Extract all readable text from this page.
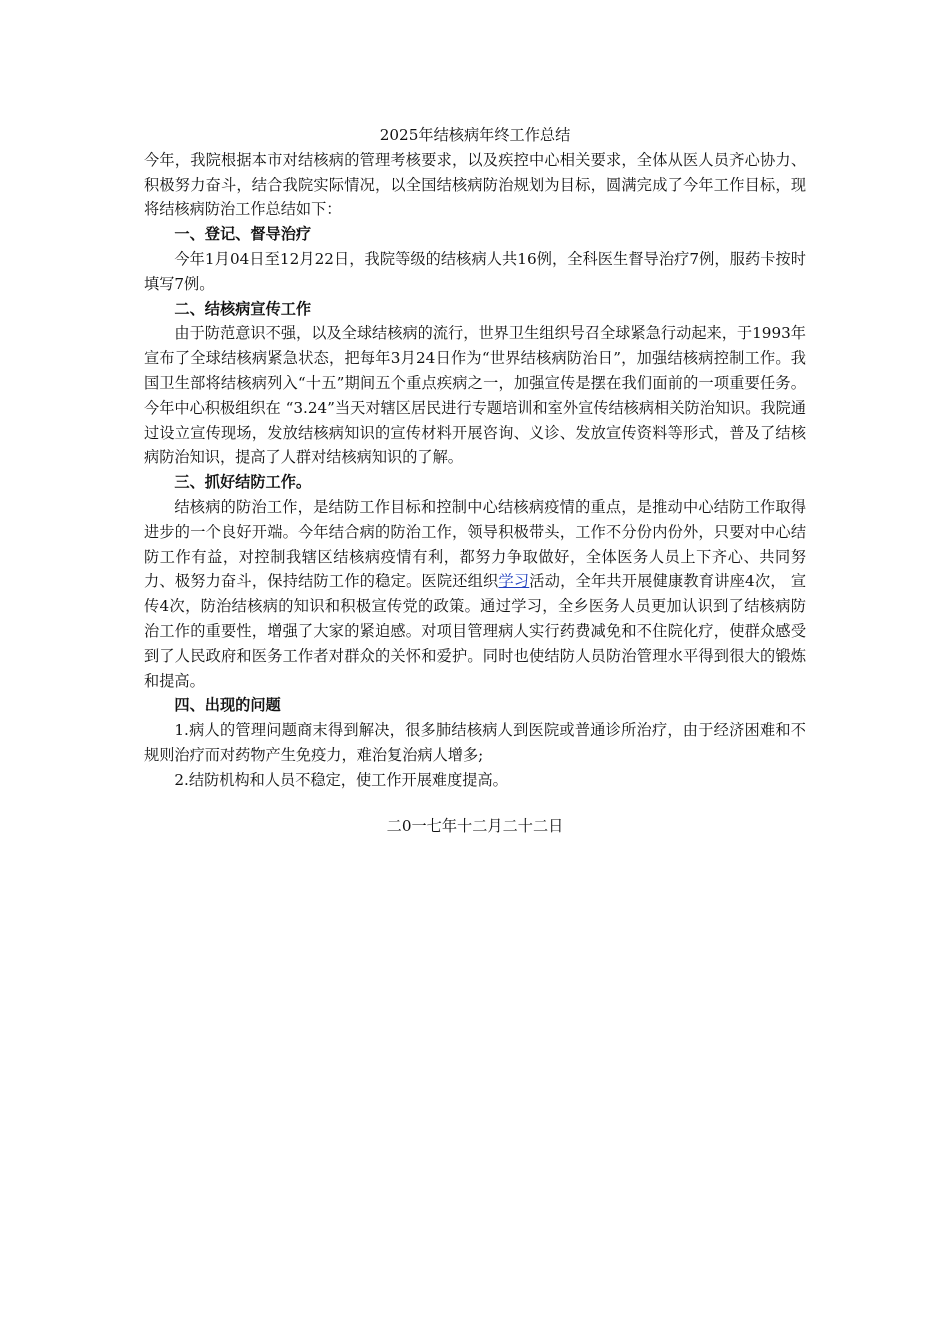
2025年结核病年终工作总结

今年，我院根据本市对结核病的管理考核要求，以及疾控中心相关要求，全体从医人员齐心协力、积极努力奋斗，结合我院实际情况，以全国结核病防治规划为目标，圆满完成了今年工作目标，现将结核病防治工作总结如下：

一、登记、督导治疗

今年1月04日至12月22日，我院等级的结核病人共16例，全科医生督导治疗7例，服药卡按时填写7例。

二、结核病宣传工作

由于防范意识不强，以及全球结核病的流行，世界卫生组织号召全球紧急行动起来，于1993年宣布了全球结核病紧急状态，把每年3月24日作为“世界结核病防治日”，加强结核病控制工作。我国卫生部将结核病列入“十五”期间五个重点疾病之一，加强宣传是摆在我们面前的一项重要任务。今年中心积极组织在 “3.24”当天对辖区居民进行专题培训和室外宣传结核病相关防治知识。我院通过设立宣传现场，发放结核病知识的宣传材料开展咨询、义诊、发放宣传资料等形式，普及了结核病防治知识，提高了人群对结核病知识的了解。

三、抓好结防工作。

结核病的防治工作，是结防工作目标和控制中心结核病疫情的重点，是推动中心结防工作取得进步的一个良好开端。今年结合病的防治工作，领导积极带头，工作不分份内份外，只要对中心结防工作有益，对控制我辖区结核病疫情有利，都努力争取做好，全体医务人员上下齐心、共同努力、极努力奋斗，保持结防工作的稳定。医院还组织学习活动，全年共开展健康教育讲座4次， 宣传4次，防治结核病的知识和积极宣传党的政策。通过学习，全乡医务人员更加认识到了结核病防治工作的重要性，增强了大家的紧迫感。对项目管理病人实行药费减免和不住院化疗，使群众感受到了人民政府和医务工作者对群众的关怀和爱护。同时也使结防人员防治管理水平得到很大的锻炼和提高。

四、出现的问题

1.病人的管理问题商末得到解决，很多肺结核病人到医院或普通诊所治疗，由于经济困难和不规则治疗而对药物产生免疫力，难治复治病人增多;

2.结防机构和人员不稳定，使工作开展难度提高。

二0一七年十二月二十二日
